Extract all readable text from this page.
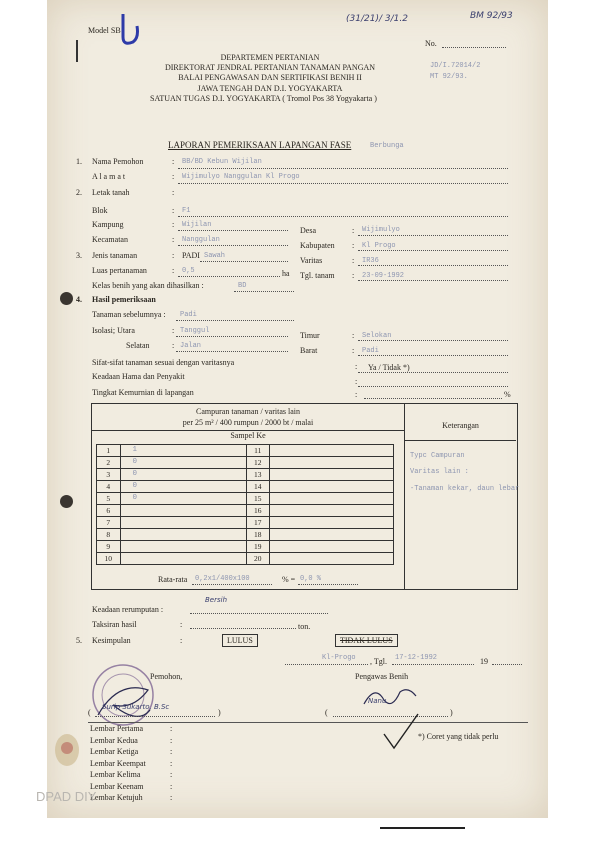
Model SB
(31/21)/ 3/1.2	BM 92/93
No.
DEPARTEMEN PERTANIAN
DIREKTORAT JENDRAL PERTANIAN TANAMAN PANGAN
BALAI PENGAWASAN DAN SERTIFIKASI BENIH II
JAWA TENGAH DAN D.I. YOGYAKARTA
SATUAN TUGAS D.I. YOGYAKARTA ( Tromol Pos 38 Yogyakarta )
JD/I.72014/2
MT 92/93.
LAPORAN PEMERIKSAAN LAPANGAN FASE	Berbunga
1. Nama Pemohon	: BB/BD Kebun Wijilan
A l a m a t	: Wijimulyo Nanggulan Kl Progo
2. Letak tanah	:
Blok	: F1
Kampung	: Wijilan
Desa	: Wijimulyo
Kecamatan	: Nanggulan
Kabupaten : Kl Progo
3. Jenis tanaman	: PADI Sawah	Varitas	: IR36
Luas pertanaman	: 0,5	ha Tgl. tanam : 23-09-1992
Kelas benih yang akan dihasilkan :	BD
4. Hasil pemeriksaan
Tanaman sebelumnya : Padi
Isolasi; Utara	: Tanggul	Timur	: Selokan
Selatan	: Jalan	Barat	: Padi
Sifat-sifat tanaman sesuai dengan varitasnya	: Ya / Tidak *)
Keadaan Hama dan Penyakit
:
Tingkat Kemurnian di lapangan	:	%
Campuran tanaman / varitas lain
per 25 m² / 400 rumpun / 2000 bt / malai	Keterangan
Sampel Ke
1	1	11	
2	0	12	
3	0	13	
4	0	14	
5	0	15	
6		16	
7		17	
8		18	
9		19	
10		20	
Typc Campuran
Varitas lain :
-Tanaman kekar, daun lebar
Rata-rata 0,2x1/400x100	% = 0,0 %
Bersih
Keadaan rerumputan :
Taksiran hasil	:	ton.
5. Kesimpulan	:	LULUS	TIDAK LULUS
Kl-Progo , Tgl. 17-12-1992	19
Pemohon,	Pengawas Benih
(
Surip Sukarto, B.Sc
)	(
Nanu
)
*) Coret yang tidak perlu
Lembar Pertama	:
Lembar Kedua	:
Lembar Ketiga	:
Lembar Keempat	:
Lembar Kelima	:
Lembar Keenam	:
Lembar Ketujuh	:
DPAD DIY
